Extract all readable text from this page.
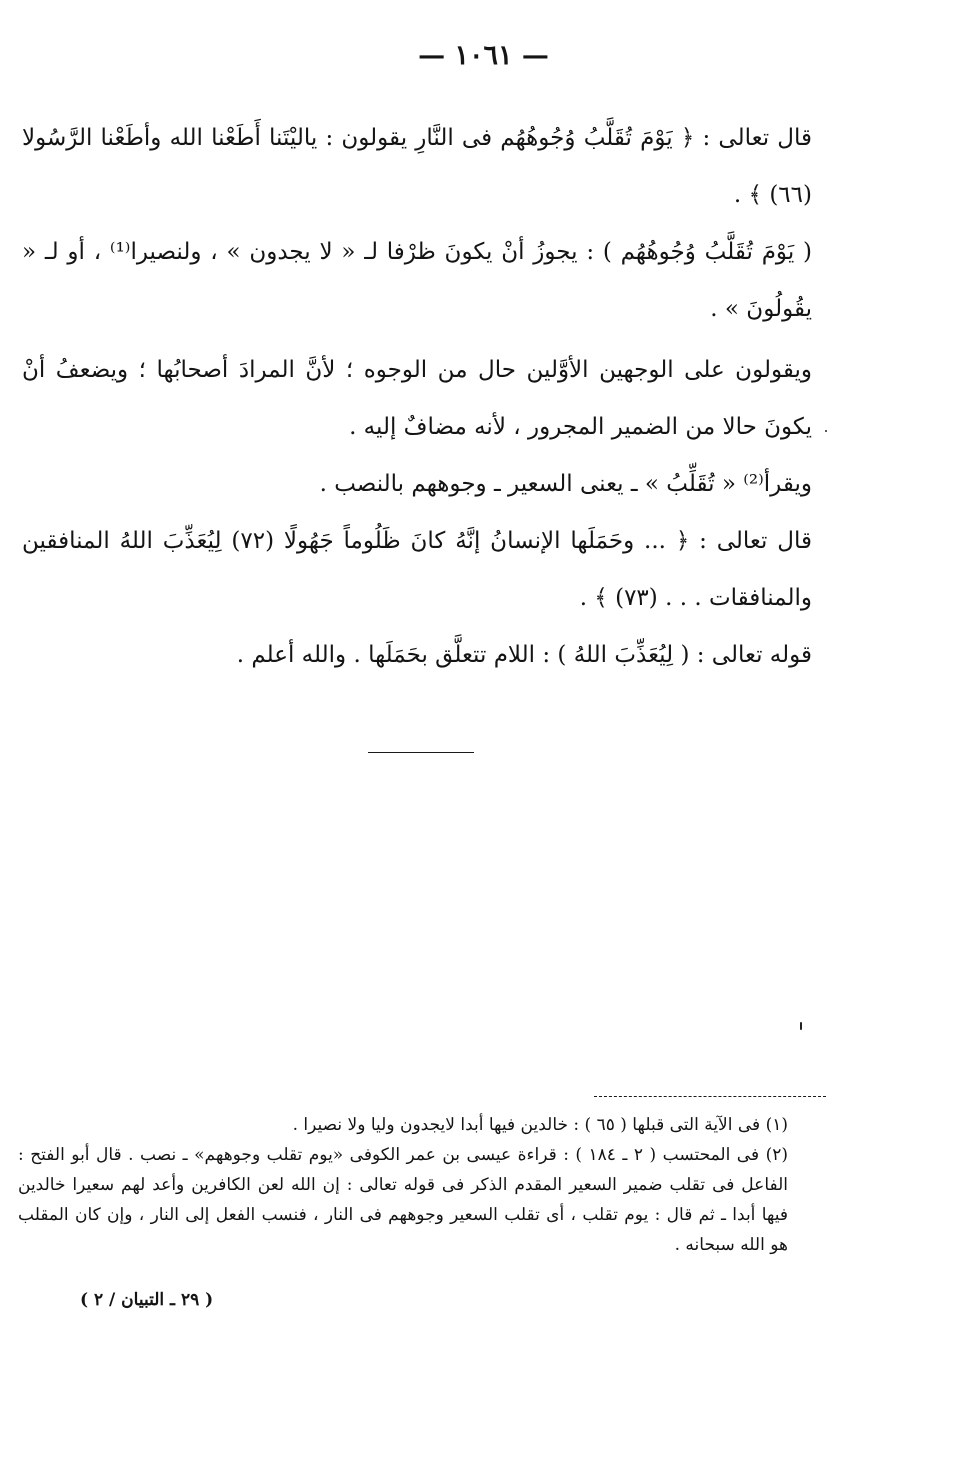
— ١٠٦١ —

قال تعالى : ﴿ يَوْمَ تُقَلَّبُ وُجُوهُهُم فى النَّارِ يقولون : ياليْتَنا أَطَعْنا الله وأطَعْنا الرَّسُولا (٦٦) ﴾ .

( يَوْمَ تُقَلَّبُ وُجُوهُهُم ) : يجوزُ أنْ يكونَ ظرْفا لـ « لا يجدون » ، ولنصيرا⁽¹⁾ ، أو لـ « يقُولُونَ » .

ويقولون على الوجهين الأوَّلين حال من الوجوه ؛ لأنَّ المرادَ أصحابُها ؛ ويضعفُ أنْ يكونَ حالا من الضمير المجرور ، لأنه مضافٌ إليه .

ويقرأ⁽²⁾ « تُقَلِّبُ » ـ يعنى السعير ـ وجوههم بالنصب .

قال تعالى : ﴿ ... وحَمَلَها الإنسانُ إنَّهُ كانَ ظَلُوماً جَهُولًا (٧٢) لِيُعَذِّبَ اللهُ المنافقين والمنافقات . . . (٧٣) ﴾ .

قوله تعالى : ( لِيُعَذِّبَ اللهُ ) : اللام تتعلَّق بحَمَلَها . والله أعلم .

(١) فى الآية التى قبلها ( ٦٥ ) : خالدين فيها أبدا لايجدون وليا ولا نصيرا .

(٢) فى المحتسب ( ٢ ـ ١٨٤ ) : قراءة عيسى بن عمر الكوفى «يوم تقلب وجوههم» ـ نصب . قال أبو الفتح : الفاعل فى تقلب ضمير السعير المقدم الذكر فى قوله تعالى : إن الله لعن الكافرين وأعد لهم سعيرا خالدين فيها أبدا ـ ثم قال : يوم تقلب ، أى تقلب السعير وجوههم فى النار ، فنسب الفعل إلى النار ، وإن كان المقلب هو الله سبحانه .

( ٢٩ ـ التبيان / ٢ )
